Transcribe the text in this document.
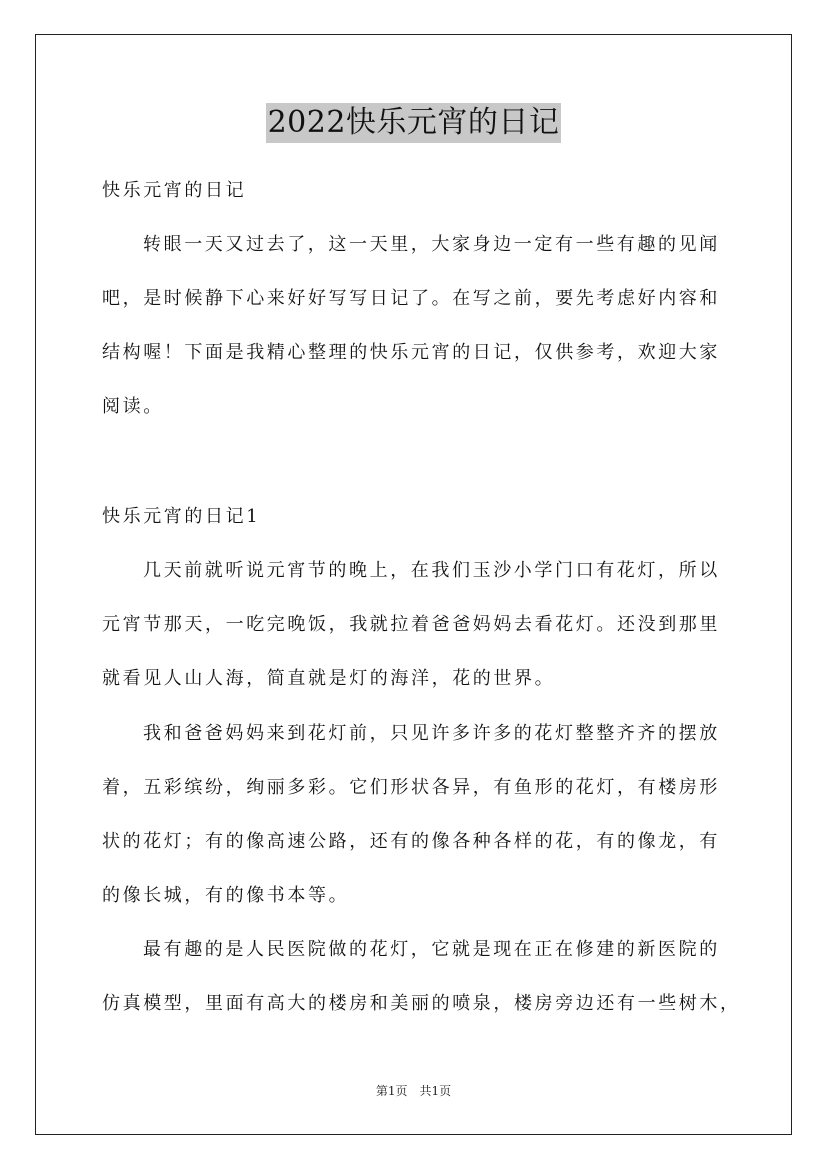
2022快乐元宵的日记

快乐元宵的日记

转眼一天又过去了，这一天里，大家身边一定有一些有趣的见闻
吧，是时候静下心来好好写写日记了。在写之前，要先考虑好内容和
结构喔！下面是我精心整理的快乐元宵的日记，仅供参考，欢迎大家
阅读。

快乐元宵的日记1

几天前就听说元宵节的晚上，在我们玉沙小学门口有花灯，所以
元宵节那天，一吃完晚饭，我就拉着爸爸妈妈去看花灯。还没到那里
就看见人山人海，简直就是灯的海洋，花的世界。
我和爸爸妈妈来到花灯前，只见许多许多的花灯整整齐齐的摆放
着，五彩缤纷，绚丽多彩。它们形状各异，有鱼形的花灯，有楼房形
状的花灯；有的像高速公路，还有的像各种各样的花，有的像龙，有
的像长城，有的像书本等。
最有趣的是人民医院做的花灯，它就是现在正在修建的新医院的
仿真模型，里面有高大的楼房和美丽的喷泉，楼房旁边还有一些树木，
第1页　共1页
